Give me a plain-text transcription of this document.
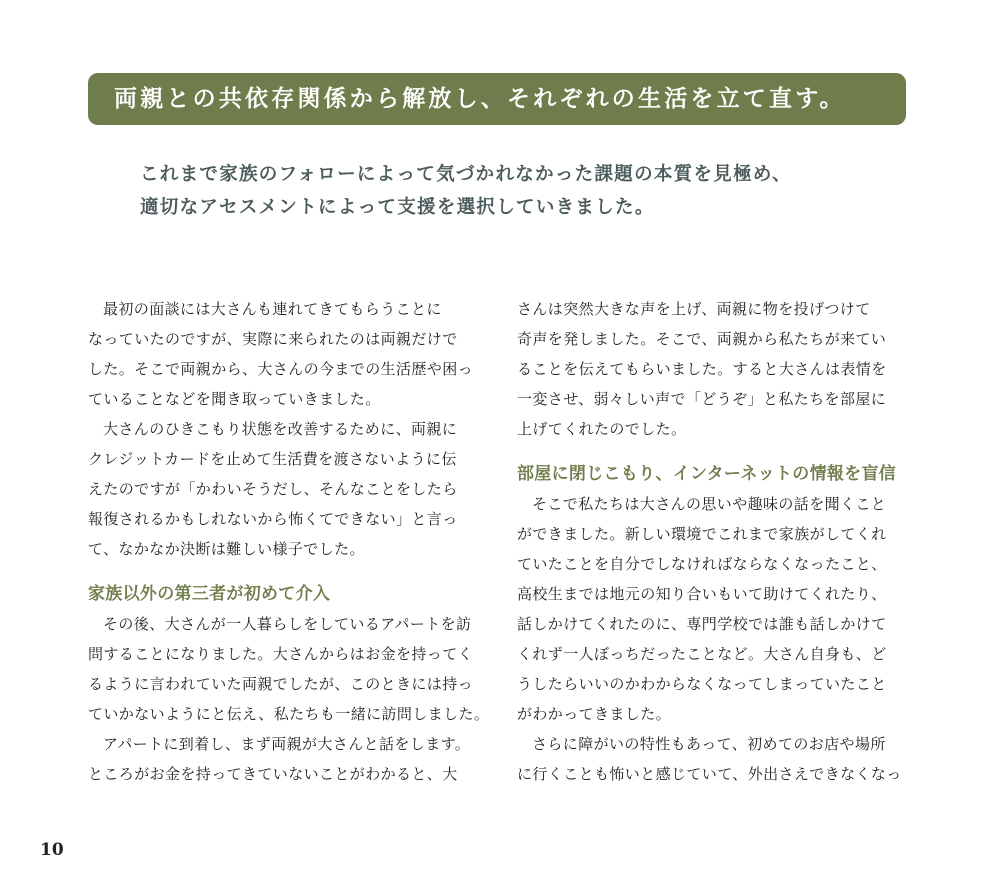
両親との共依存関係から解放し、それぞれの生活を立て直す。
これまで家族のフォローによって気づかれなかった課題の本質を見極め、
適切なアセスメントによって支援を選択していきました。
最初の面談には大さんも連れてきてもらうことに
なっていたのですが、実際に来られたのは両親だけで
した。そこで両親から、大さんの今までの生活歴や困っ
ていることなどを聞き取っていきました。
大さんのひきこもり状態を改善するために、両親に
クレジットカードを止めて生活費を渡さないように伝
えたのですが「かわいそうだし、そんなことをしたら
報復されるかもしれないから怖くてできない」と言っ
て、なかなか決断は難しい様子でした。
家族以外の第三者が初めて介入
その後、大さんが一人暮らしをしているアパートを訪
問することになりました。大さんからはお金を持ってく
るように言われていた両親でしたが、このときには持っ
ていかないようにと伝え、私たちも一緒に訪問しました。
アパートに到着し、まず両親が大さんと話をします。
ところがお金を持ってきていないことがわかると、大
さんは突然大きな声を上げ、両親に物を投げつけて
奇声を発しました。そこで、両親から私たちが来てい
ることを伝えてもらいました。すると大さんは表情を
一変させ、弱々しい声で「どうぞ」と私たちを部屋に
上げてくれたのでした。
部屋に閉じこもり、インターネットの情報を盲信
そこで私たちは大さんの思いや趣味の話を聞くこと
ができました。新しい環境でこれまで家族がしてくれ
ていたことを自分でしなければならなくなったこと、
高校生までは地元の知り合いもいて助けてくれたり、
話しかけてくれたのに、専門学校では誰も話しかけて
くれず一人ぼっちだったことなど。大さん自身も、ど
うしたらいいのかわからなくなってしまっていたこと
がわかってきました。
さらに障がいの特性もあって、初めてのお店や場所
に行くことも怖いと感じていて、外出さえできなくなっ
10
